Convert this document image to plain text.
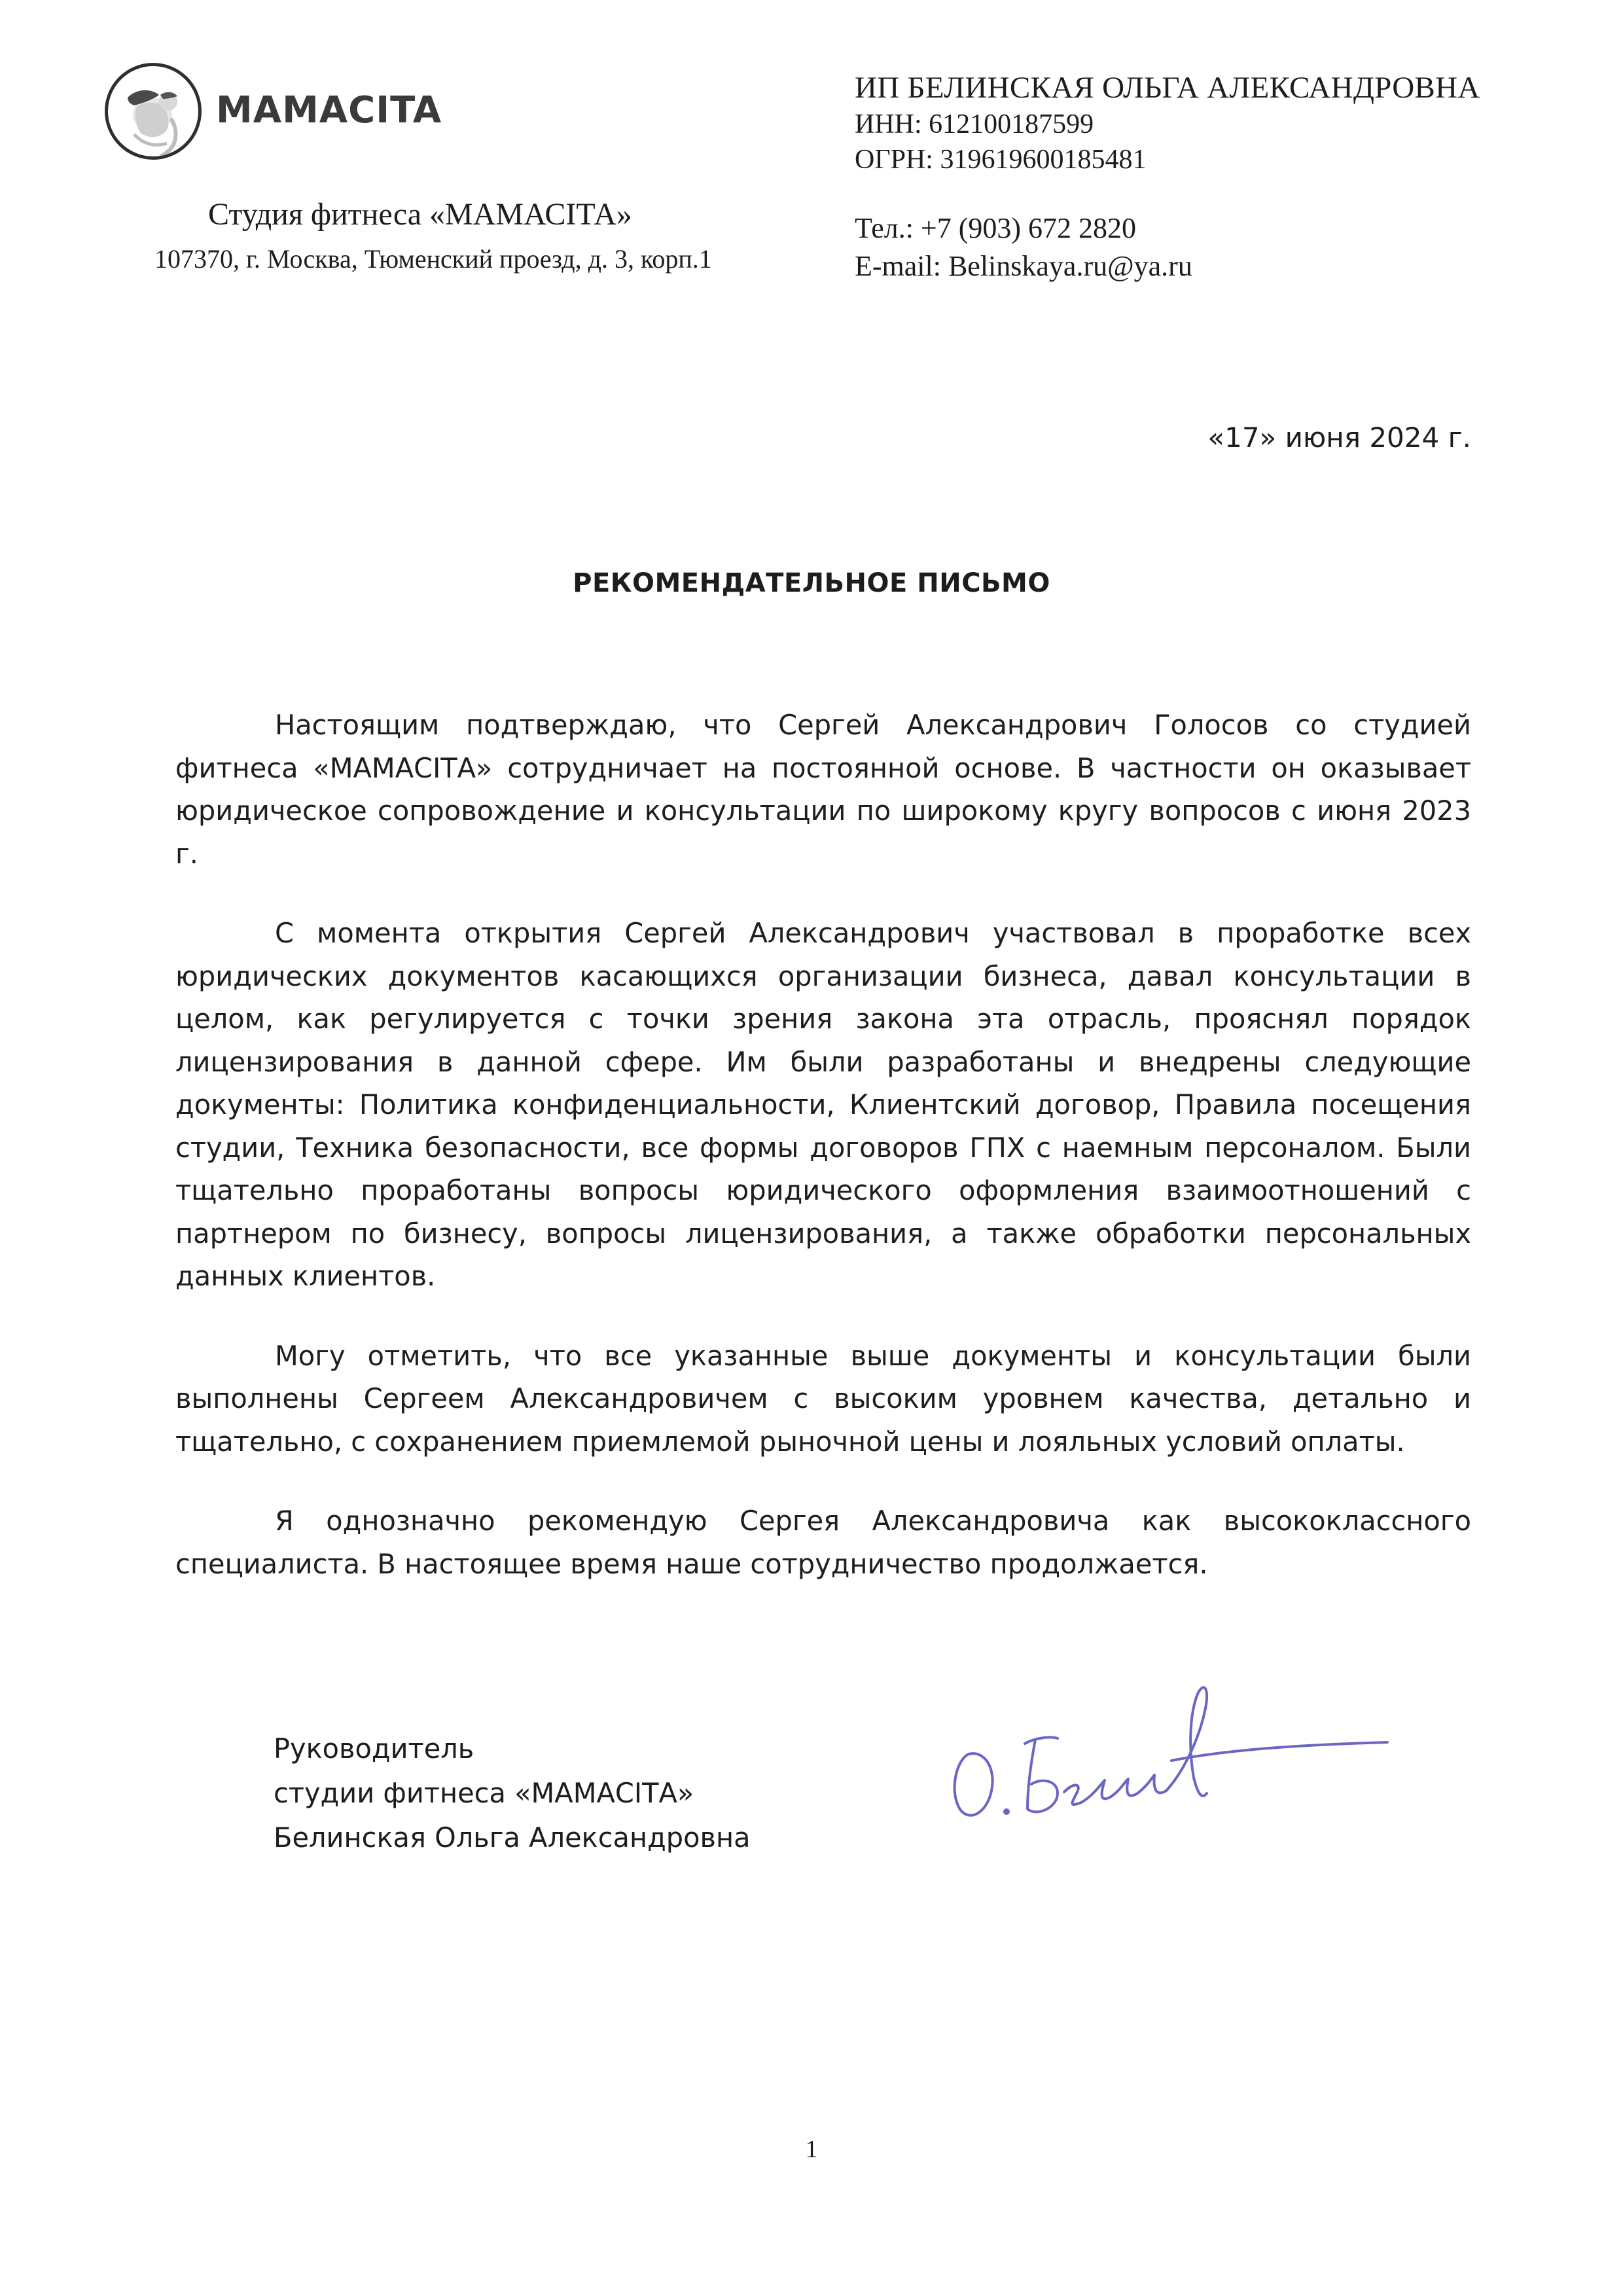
MAMACITA
Студия фитнеса «МАМАСІТА»
107370, г. Москва, Тюменский проезд, д. 3, корп.1
ИП БЕЛИНСКАЯ ОЛЬГА АЛЕКСАНДРОВНА
ИНН: 612100187599
ОГРН: 319619600185481
Тел.: +7 (903) 672 2820
E-mail: Belinskaya.ru@ya.ru
«17» июня 2024 г.
РЕКОМЕНДАТЕЛЬНОЕ ПИСЬМО

Настоящим подтверждаю, что Сергей Александрович Голосов со студией фитнеса «МАМАСІТА» сотрудничает на постоянной основе. В частности он оказывает юридическое сопровождение и консультации по широкому кругу вопросов с июня 2023 г.

С момента открытия Сергей Александрович участвовал в проработке всех юридических документов касающихся организации бизнеса, давал консультации в целом, как регулируется с точки зрения закона эта отрасль, прояснял порядок лицензирования в данной сфере. Им были разработаны и внедрены следующие документы: Политика конфиденциальности, Клиентский договор, Правила посещения студии, Техника безопасности, все формы договоров ГПХ с наемным персоналом. Были тщательно проработаны вопросы юридического оформления взаимоотношений с партнером по бизнесу, вопросы лицензирования, а также обработки персональных данных клиентов.

Могу отметить, что все указанные выше документы и консультации были выполнены Сергеем Александровичем с высоким уровнем качества, детально и тщательно, с сохранением приемлемой рыночной цены и лояльных условий оплаты.

Я однозначно рекомендую Сергея Александровича как высококлассного специалиста. В настоящее время наше сотрудничество продолжается.

Руководитель
студии фитнеса «МАМАСІТА»
Белинская Ольга Александровна
1
